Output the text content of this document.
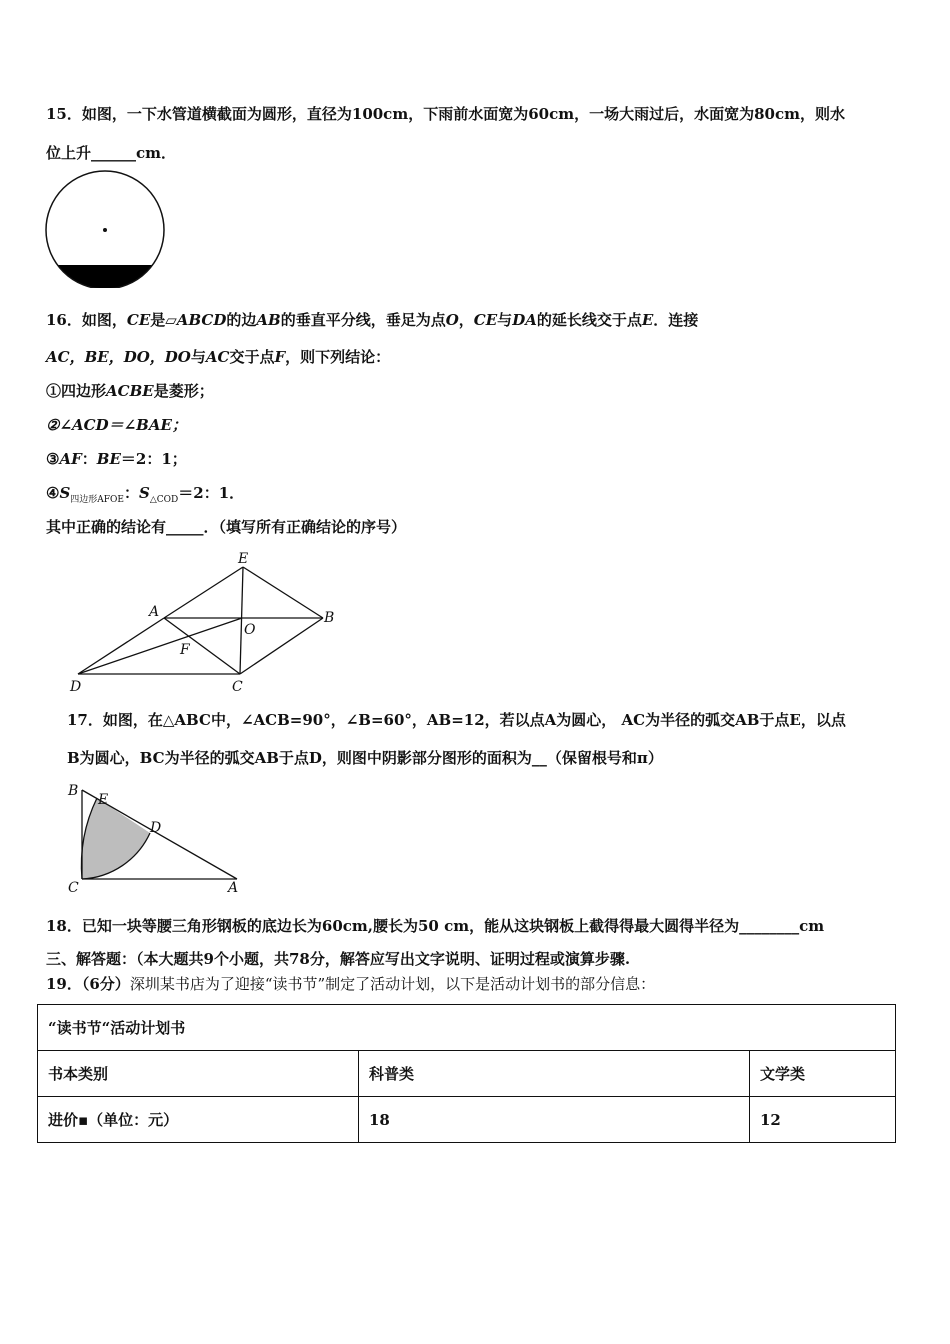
15．如图，一下水管道横截面为圆形，直径为100cm，下雨前水面宽为60cm，一场大雨过后，水面宽为80cm，则水
位上升______cm．
16．如图，CE是▱ABCD的边AB的垂直平分线，垂足为点O，CE与DA的延长线交于点E．连接
AC，BE，DO，DO与AC交于点F，则下列结论：
①四边形ACBE是菱形；
②∠ACD＝∠BAE；
③AF：BE＝2：1；
$④S_{四边形AFOE}$：$S_{\triangle COD}=2$：1．
其中正确的结论有_____．（填写所有正确结论的序号）
E
A	B
O
F
D	C
17．如图，在△ABC中，∠ACB=90°，∠B=60°，AB=12，若以点A为圆心， AC为半径的弧交AB于点E，以点
B为圆心，BC为半径的弧交AB于点D，则图中阴影部分图形的面积为__（保留根号和π）
B
E
D
C	A
18．已知一块等腰三角形钢板的底边长为60cm,腰长为50 cm，能从这块钢板上截得得最大圆得半径为________cm
三、解答题：（本大题共9个小题，共78分，解答应写出文字说明、证明过程或演算步骤.
19．（6分）深圳某书店为了迎接“读书节”制定了活动计划，以下是活动计划书的部分信息：
“读书节“活动计划书		
书本类别	科普类	文学类
进价▪（单位：元）	18	12
